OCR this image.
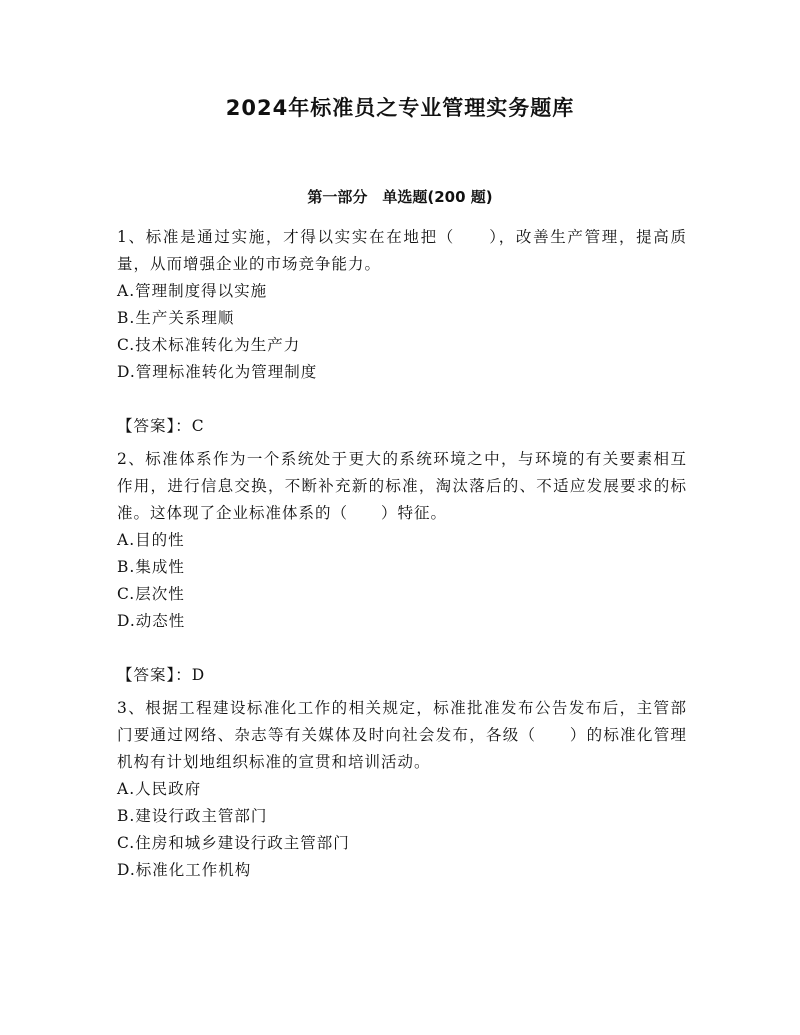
2024年标准员之专业管理实务题库
第一部分　单选题(200 题)

1、标准是通过实施，才得以实实在在地把（　　），改善生产管理，提高质量，从而增强企业的市场竞争能力。

A.管理制度得以实施

B.生产关系理顺

C.技术标准转化为生产力

D.管理标准转化为管理制度

【答案】：C

2、标准体系作为一个系统处于更大的系统环境之中，与环境的有关要素相互作用，进行信息交换，不断补充新的标准，淘汰落后的、不适应发展要求的标准。这体现了企业标准体系的（　　）特征。

A.目的性

B.集成性

C.层次性

D.动态性

【答案】：D

3、根据工程建设标准化工作的相关规定，标准批准发布公告发布后，主管部门要通过网络、杂志等有关媒体及时向社会发布，各级（　　）的标准化管理机构有计划地组织标准的宣贯和培训活动。

A.人民政府

B.建设行政主管部门

C.住房和城乡建设行政主管部门

D.标准化工作机构
